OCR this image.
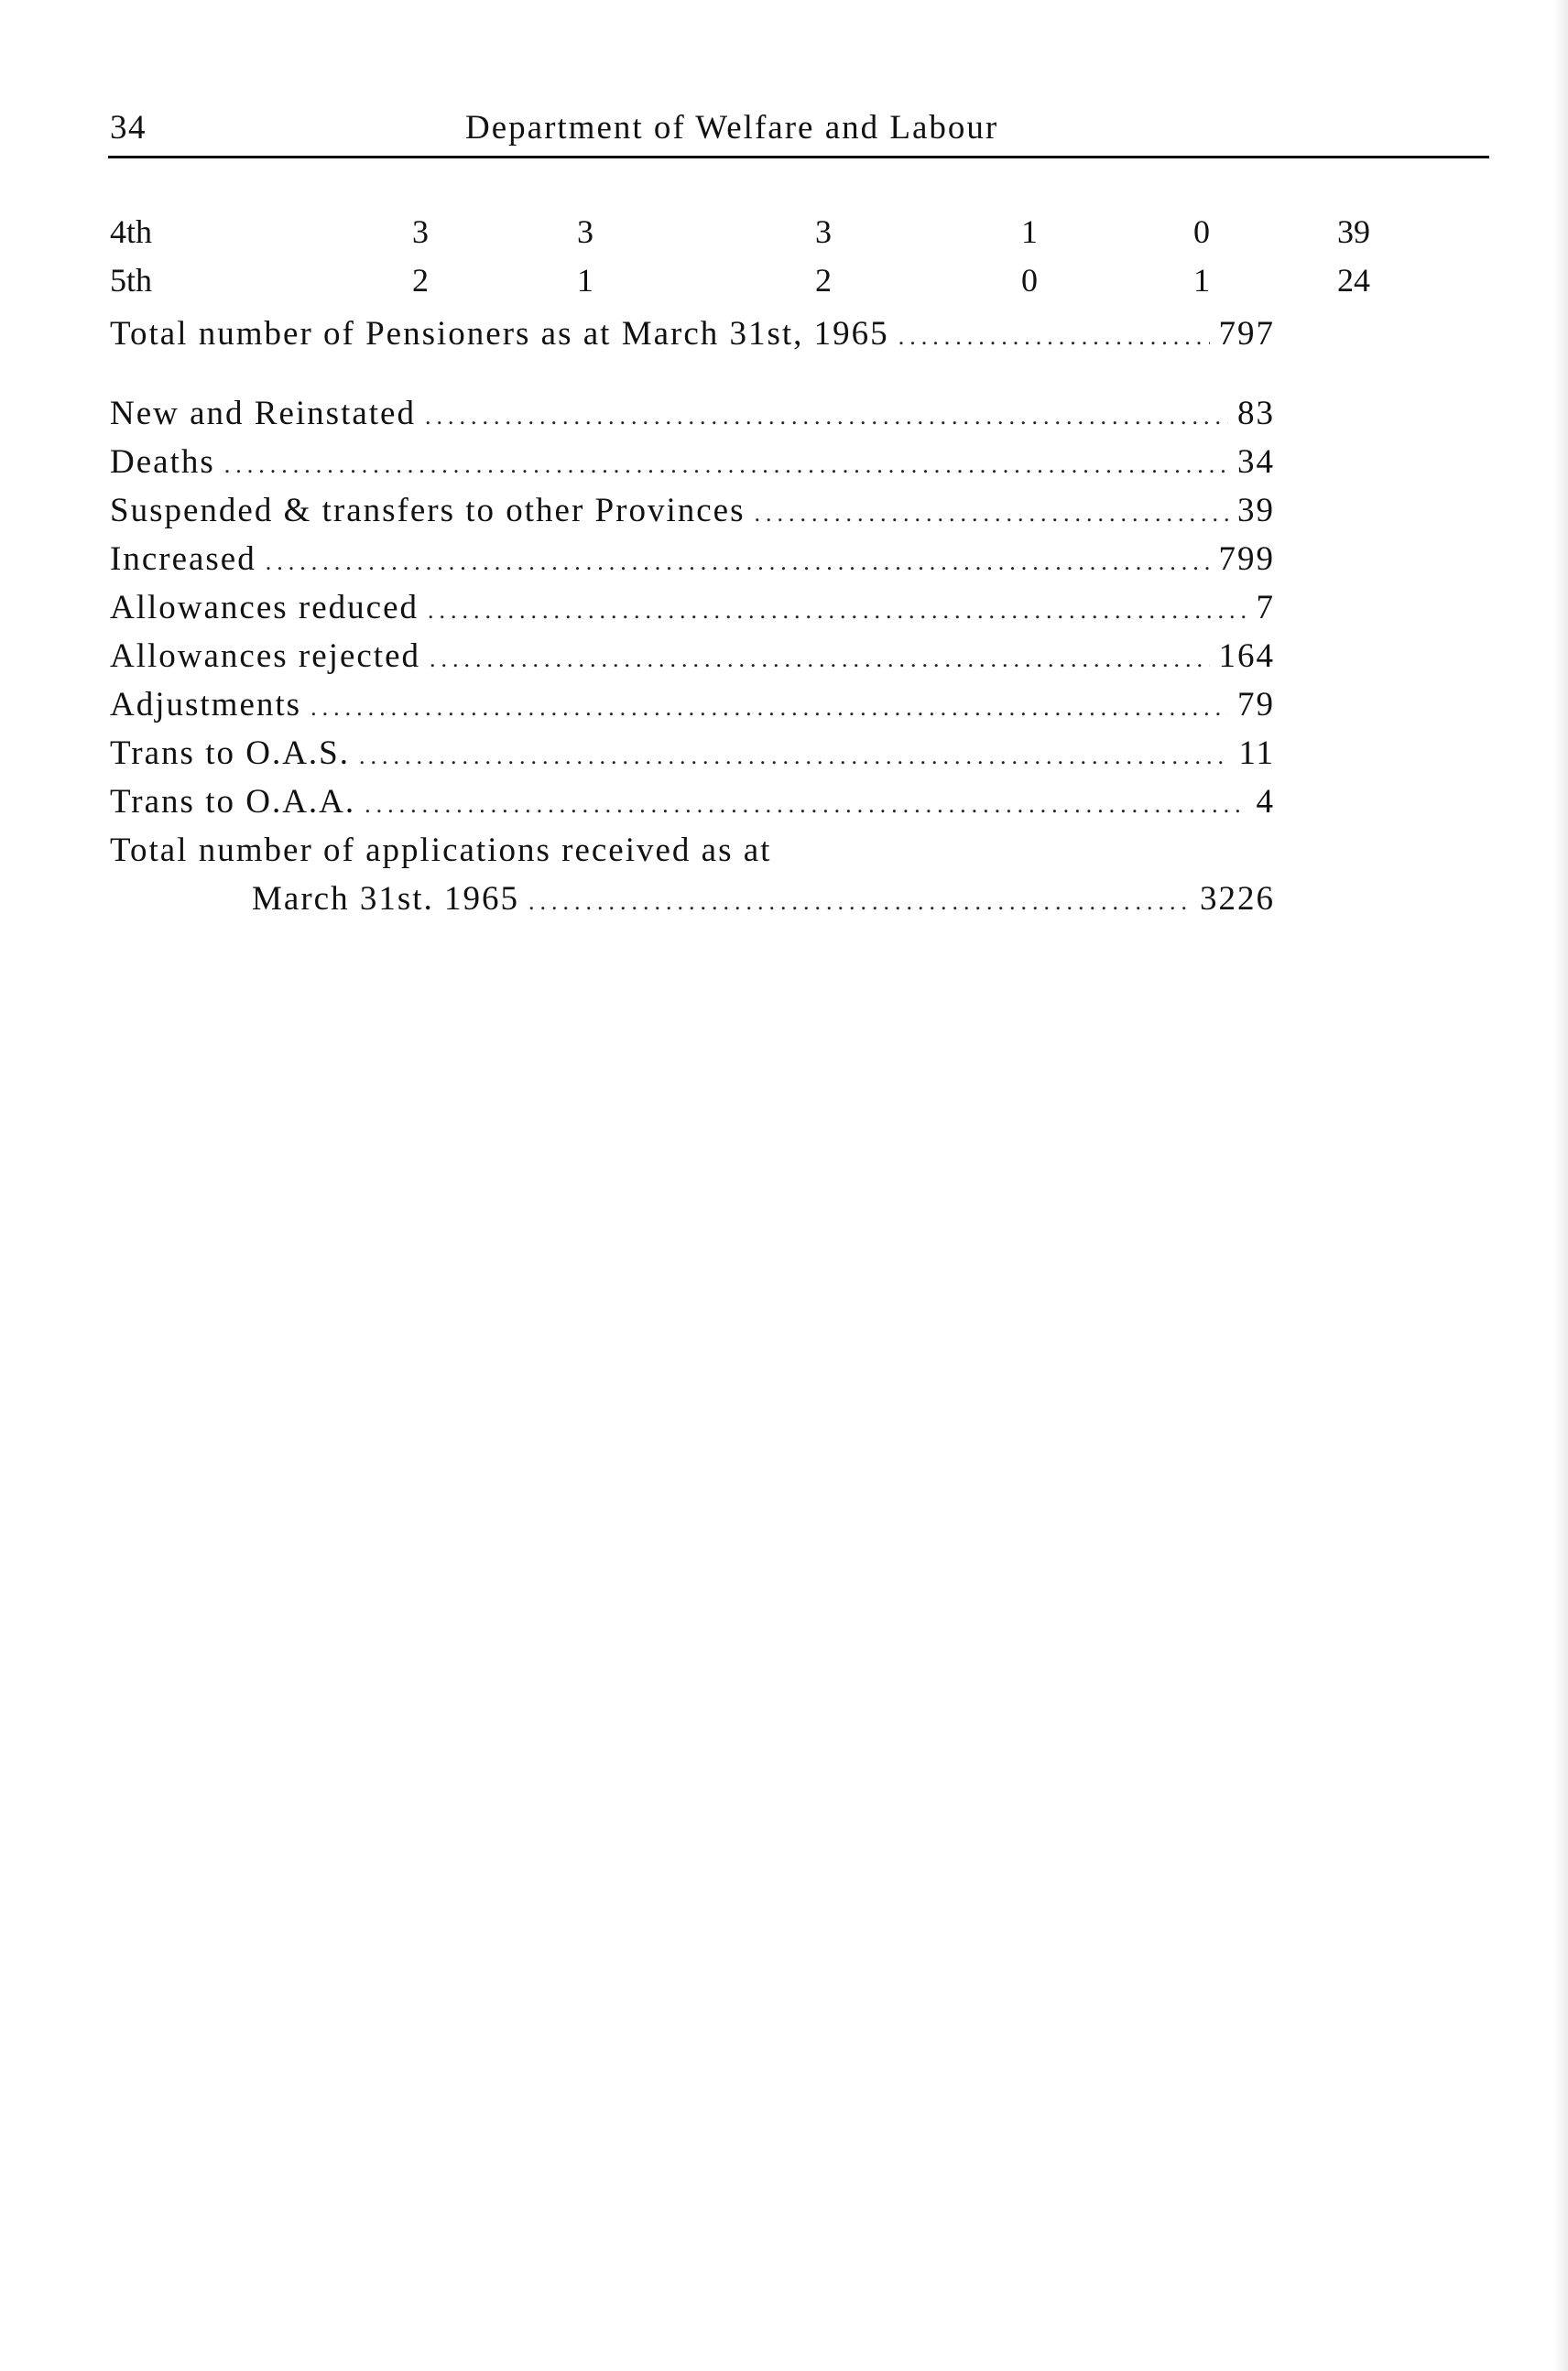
34	Department of Welfare and Labour
4th	3	3	3	1	0	39
5th	2	1	2	0	1	24
Total number of Pensioners as at March 31st, 1965 .....	797
New and Reinstated .....	83
Deaths .....	34
Suspended & transfers to other Provinces .....	39
Increased .....	799
Allowances reduced .....	7
Allowances rejected .....	164
Adjustments .....	79
Trans to O.A.S. .....	11
Trans to O.A.A. .....	4
Total number of applications received as at
March 31st. 1965 .....	3226
